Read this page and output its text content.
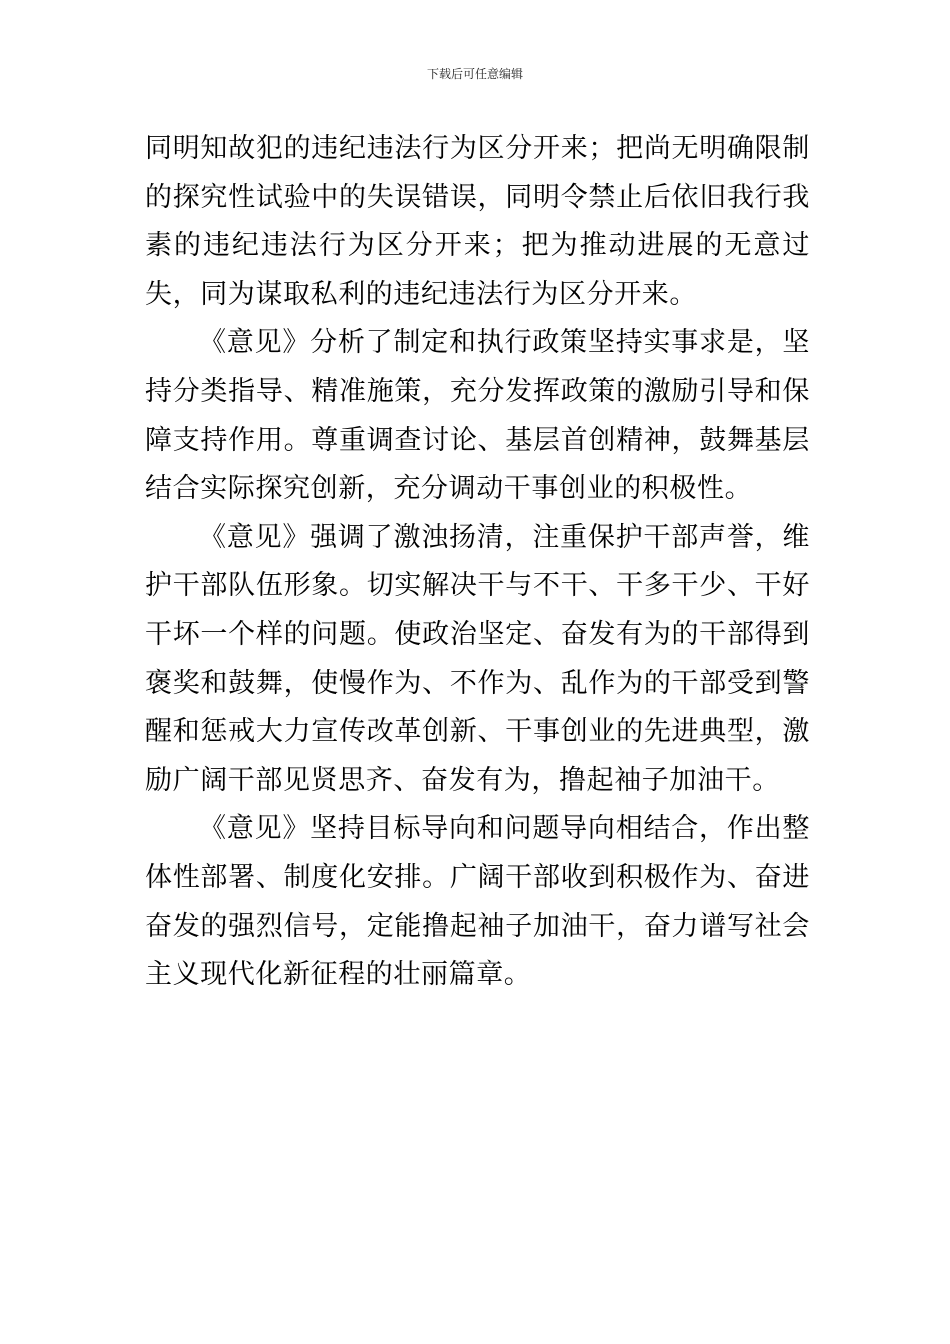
下载后可任意编辑

同明知故犯的违纪违法行为区分开来；把尚无明确限制的探究性试验中的失误错误，同明令禁止后依旧我行我素的违纪违法行为区分开来；把为推动进展的无意过失，同为谋取私利的违纪违法行为区分开来。

《意见》分析了制定和执行政策坚持实事求是，坚持分类指导、精准施策，充分发挥政策的激励引导和保障支持作用。尊重调查讨论、基层首创精神，鼓舞基层结合实际探究创新，充分调动干事创业的积极性。

《意见》强调了激浊扬清，注重保护干部声誉，维护干部队伍形象。切实解决干与不干、干多干少、干好干坏一个样的问题。使政治坚定、奋发有为的干部得到褒奖和鼓舞，使慢作为、不作为、乱作为的干部受到警醒和惩戒大力宣传改革创新、干事创业的先进典型，激励广阔干部见贤思齐、奋发有为，撸起袖子加油干。

《意见》坚持目标导向和问题导向相结合，作出整体性部署、制度化安排。广阔干部收到积极作为、奋进奋发的强烈信号，定能撸起袖子加油干，奋力谱写社会主义现代化新征程的壮丽篇章。
